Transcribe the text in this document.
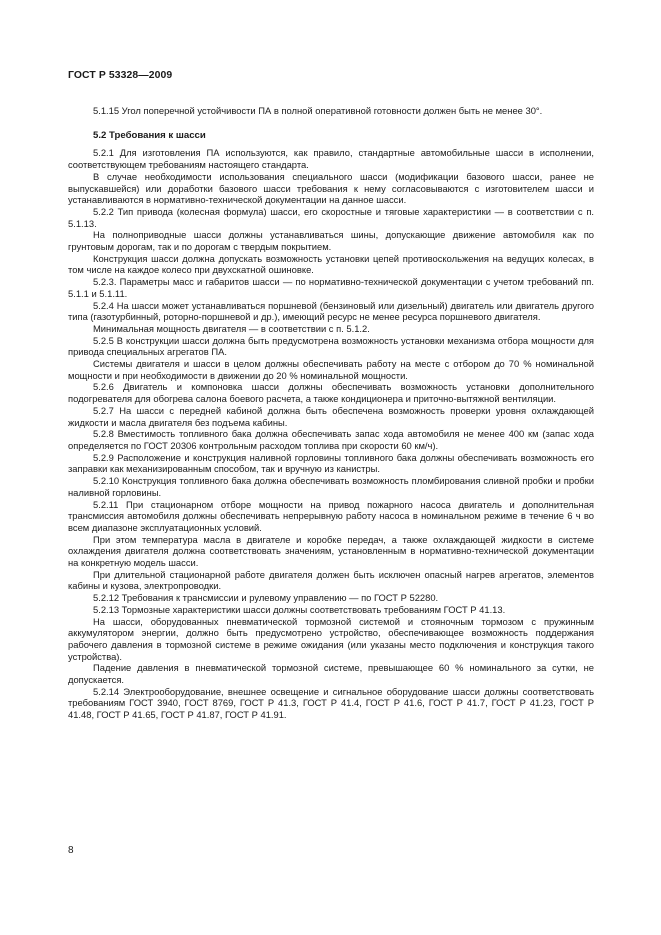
ГОСТ Р 53328—2009

5.1.15 Угол поперечной устойчивости ПА в полной оперативной готовности должен быть не менее 30°.

5.2 Требования к шасси

5.2.1 Для изготовления ПА используются, как правило, стандартные автомобильные шасси в исполнении, соответствующем требованиям настоящего стандарта.

В случае необходимости использования специального шасси (модификации базового шасси, ранее не выпускавшейся) или доработки базового шасси требования к нему согласовываются с изготовителем шасси и устанавливаются в нормативно-технической документации на данное шасси.

5.2.2 Тип привода (колесная формула) шасси, его скоростные и тяговые характеристики — в соответствии с п. 5.1.13.

На полноприводные шасси должны устанавливаться шины, допускающие движение автомобиля как по грунтовым дорогам, так и по дорогам с твердым покрытием.

Конструкция шасси должна допускать возможность установки цепей противоскольжения на ведущих колесах, в том числе на каждое колесо при двухскатной ошиновке.

5.2.3. Параметры масс и габаритов шасси — по нормативно-технической документации с учетом требований пп. 5.1.1 и 5.1.11.

5.2.4 На шасси может устанавливаться поршневой (бензиновый или дизельный) двигатель или двигатель другого типа (газотурбинный, роторно-поршневой и др.), имеющий ресурс не менее ресурса поршневого двигателя.

Минимальная мощность двигателя — в соответствии с п. 5.1.2.

5.2.5 В конструкции шасси должна быть предусмотрена возможность установки механизма отбора мощности для привода специальных агрегатов ПА.

Системы двигателя и шасси в целом должны обеспечивать работу на месте с отбором до 70 % номинальной мощности и при необходимости в движении до 20 % номинальной мощности.

5.2.6 Двигатель и компоновка шасси должны обеспечивать возможность установки дополнительного подогревателя для обогрева салона боевого расчета, а также кондиционера и приточно-вытяжной вентиляции.

5.2.7 На шасси с передней кабиной должна быть обеспечена возможность проверки уровня охлаждающей жидкости и масла двигателя без подъема кабины.

5.2.8 Вместимость топливного бака должна обеспечивать запас хода автомобиля не менее 400 км (запас хода определяется по ГОСТ 20306 контрольным расходом топлива при скорости 60 км/ч).

5.2.9 Расположение и конструкция наливной горловины топливного бака должны обеспечивать возможность его заправки как механизированным способом, так и вручную из канистры.

5.2.10 Конструкция топливного бака должна обеспечивать возможность пломбирования сливной пробки и пробки наливной горловины.

5.2.11 При стационарном отборе мощности на привод пожарного насоса двигатель и дополнительная трансмиссия автомобиля должны обеспечивать непрерывную работу насоса в номинальном режиме в течение 6 ч во всем диапазоне эксплуатационных условий.

При этом температура масла в двигателе и коробке передач, а также охлаждающей жидкости в системе охлаждения двигателя должна соответствовать значениям, установленным в нормативно-технической документации на конкретную модель шасси.

При длительной стационарной работе двигателя должен быть исключен опасный нагрев агрегатов, элементов кабины и кузова, электропроводки.

5.2.12 Требования к трансмиссии и рулевому управлению — по ГОСТ Р 52280.

5.2.13 Тормозные характеристики шасси должны соответствовать требованиям ГОСТ Р 41.13.

На шасси, оборудованных пневматической тормозной системой и стояночным тормозом с пружинным аккумулятором энергии, должно быть предусмотрено устройство, обеспечивающее возможность поддержания рабочего давления в тормозной системе в режиме ожидания (или указаны место подключения и конструкция такого устройства).

Падение давления в пневматической тормозной системе, превышающее 60 % номинального за сутки, не допускается.

5.2.14 Электрооборудование, внешнее освещение и сигнальное оборудование шасси должны соответствовать требованиям ГОСТ 3940, ГОСТ 8769, ГОСТ Р 41.3, ГОСТ Р 41.4, ГОСТ Р 41.6, ГОСТ Р 41.7, ГОСТ Р 41.23, ГОСТ Р 41.48, ГОСТ Р 41.65, ГОСТ Р 41.87, ГОСТ Р 41.91.

8
